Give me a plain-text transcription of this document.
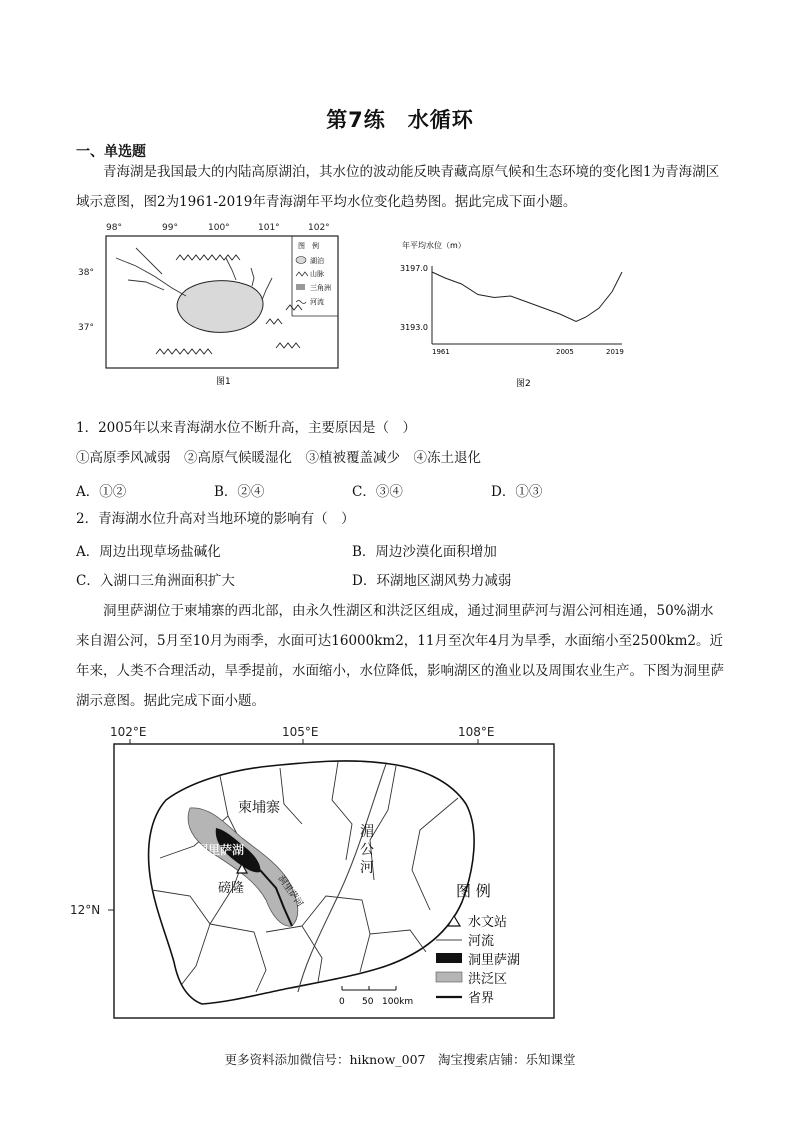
第7练　水循环
一、单选题
青海湖是我国最大的内陆高原湖泊，其水位的波动能反映青藏高原气候和生态环境的变化图1为青海湖区域示意图，图2为1961-2019年青海湖年平均水位变化趋势图。据此完成下面小题。
98°	99°	100°	101°	102°
38°
37°
图　例
湖泊
山脉
三角洲
河流
图1
年平均水位（m）
3197.0
3193.0
1961	2005	2019
图2
1．2005年以来青海湖水位不断升高，主要原因是（　）
①高原季风减弱　②高原气候暖湿化　③植被覆盖减少　④冻土退化
A．①②	B．②④	C．③④	D．①③
2．青海湖水位升高对当地环境的影响有（　）
A．周边出现草场盐碱化	B．周边沙漠化面积增加
C．入湖口三角洲面积扩大	D．环湖地区湖风势力减弱
洞里萨湖位于柬埔寨的西北部，由永久性湖区和洪泛区组成，通过洞里萨河与湄公河相连通，50%湖水来自湄公河，5月至10月为雨季，水面可达16000km2，11月至次年4月为旱季，水面缩小至2500km2。近年来，人类不合理活动，旱季提前，水面缩小，水位降低，影响湖区的渔业以及周围农业生产。下图为洞里萨湖示意图。据此完成下面小题。
102°E	105°E	108°E
12°N
柬埔寨
洞里萨湖
磅隆	洞里萨河
湄公河
图 例
水文站
河流
洞里萨湖
洪泛区
省界
0 50 100km
更多资料添加微信号：hiknow_007　淘宝搜索店铺：乐知课堂
